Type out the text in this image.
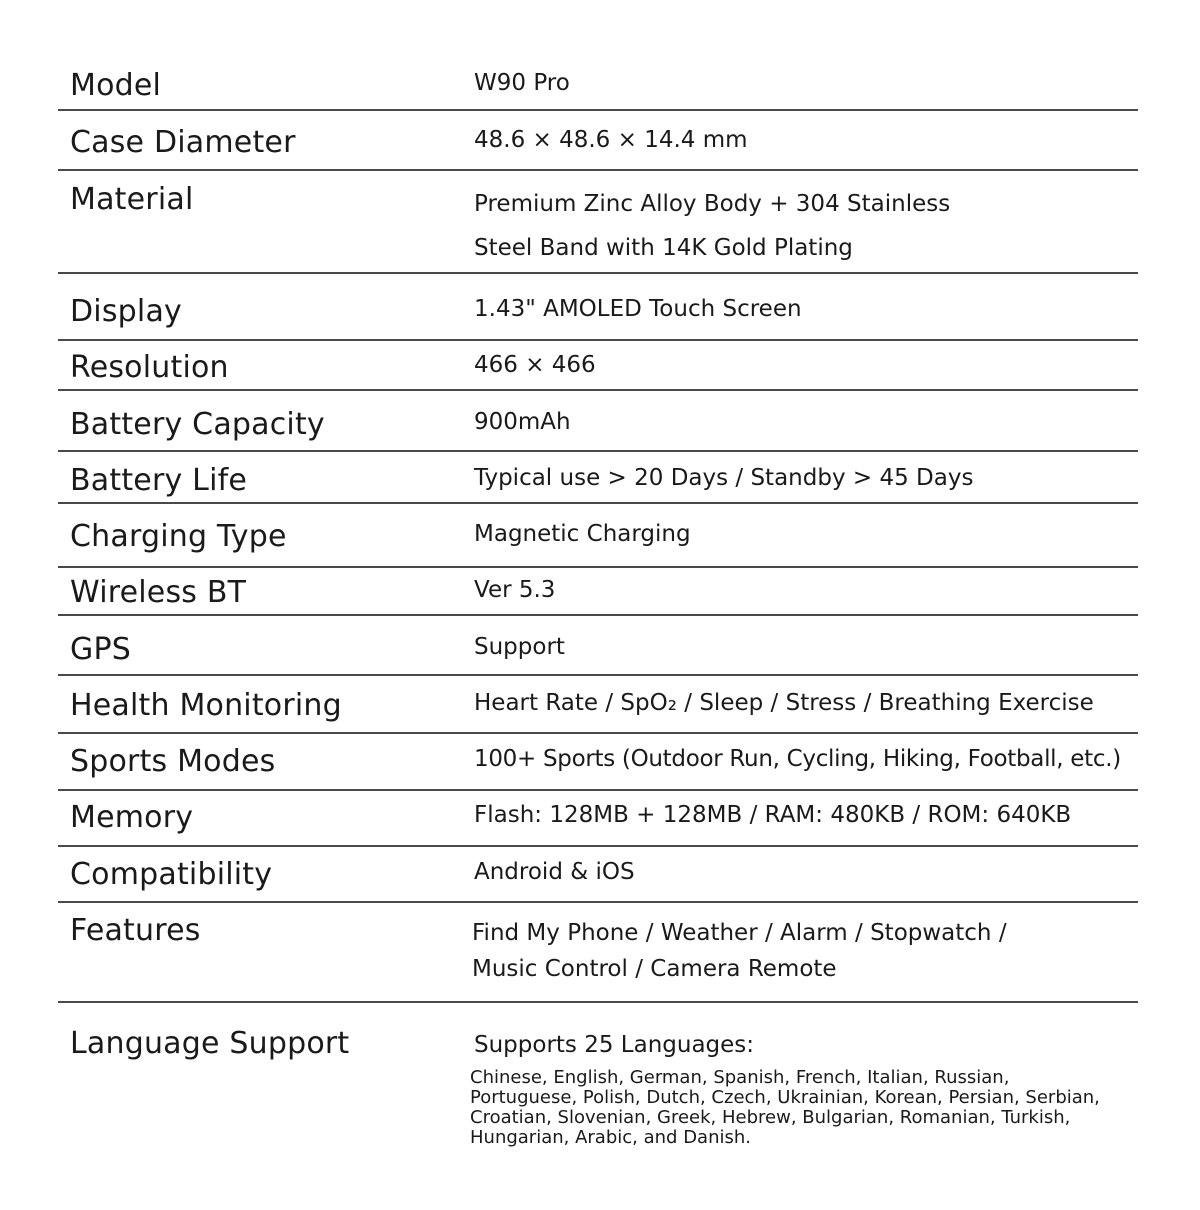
Model	W90 Pro
Case Diameter	48.6 × 48.6 × 14.4 mm
Material	Premium Zinc Alloy Body + 304 Stainless
Steel Band with 14K Gold Plating
Display	1.43" AMOLED Touch Screen
Resolution	466 × 466
Battery Capacity	900mAh
Battery Life	Typical use > 20 Days / Standby > 45 Days
Charging Type	Magnetic Charging
Wireless BT	Ver 5.3
GPS	Support
Health Monitoring	Heart Rate / SpO₂ / Sleep / Stress / Breathing Exercise
Sports Modes	100+ Sports (Outdoor Run, Cycling, Hiking, Football, etc.)
Memory	Flash: 128MB + 128MB / RAM: 480KB / ROM: 640KB
Compatibility	Android & iOS
Features	Find My Phone / Weather / Alarm / Stopwatch /
Music Control / Camera Remote
Language Support	Supports 25 Languages:
Chinese, English, German, Spanish, French, Italian, Russian,
Portuguese, Polish, Dutch, Czech, Ukrainian, Korean, Persian, Serbian,
Croatian, Slovenian, Greek, Hebrew, Bulgarian, Romanian, Turkish,
Hungarian, Arabic, and Danish.
